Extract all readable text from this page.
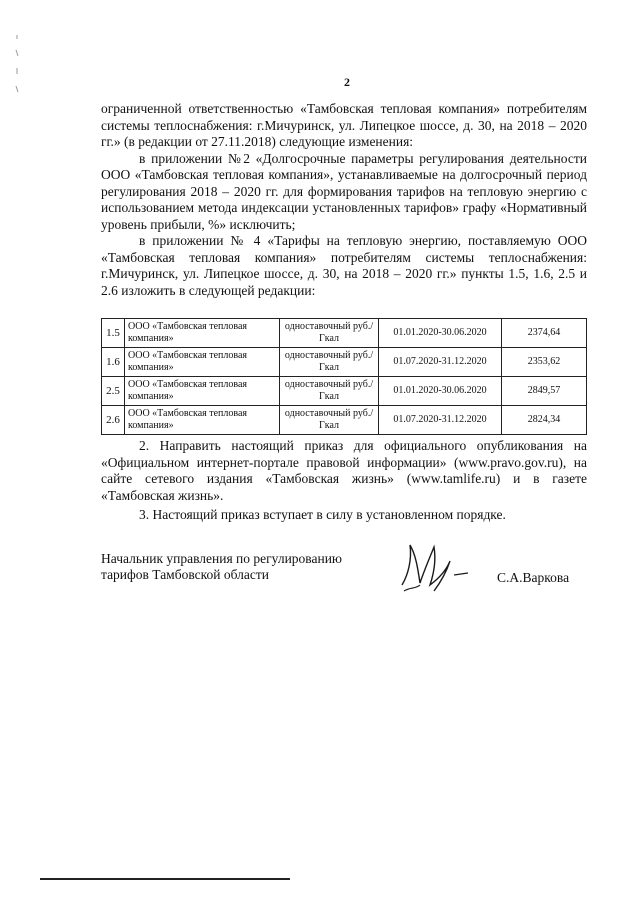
2

ограниченной ответственностью «Тамбовская тепловая компания» потребителям системы теплоснабжения: г.Мичуринск, ул. Липецкое шоссе, д. 30, на 2018 – 2020 гг.» (в редакции от 27.11.2018) следующие изменения:

в приложении №2 «Долгосрочные параметры регулирования деятельности ООО «Тамбовская тепловая компания», устанавливаемые на долгосрочный период регулирования 2018 – 2020 гг. для формирования тарифов на тепловую энергию с использованием метода индексации установленных тарифов» графу «Нормативный уровень прибыли, %» исключить;

в приложении № 4 «Тарифы на тепловую энергию, поставляемую ООО «Тамбовская тепловая компания» потребителям системы теплоснабжения: г.Мичуринск, ул. Липецкое шоссе, д. 30, на 2018 – 2020 гг.» пункты 1.5, 1.6, 2.5 и 2.6 изложить в следующей редакции:

1.5	ООО «Тамбовская тепловая компания»	одноставочный руб./Гкал	01.01.2020-30.06.2020	2374,64
1.6	ООО «Тамбовская тепловая компания»	одноставочный руб./Гкал	01.07.2020-31.12.2020	2353,62
2.5	ООО «Тамбовская тепловая компания»	одноставочный руб./Гкал	01.01.2020-30.06.2020	2849,57
2.6	ООО «Тамбовская тепловая компания»	одноставочный руб./Гкал	01.07.2020-31.12.2020	2824,34

2. Направить настоящий приказ для официального опубликования на «Официальном интернет-портале правовой информации» (www.pravo.gov.ru), на сайте сетевого издания «Тамбовская жизнь» (www.tamlife.ru) и в газете «Тамбовская жизнь».

3. Настоящий приказ вступает в силу в установленном порядке.

Начальник управления по регулированию
тарифов Тамбовской области	С.А.Варкова
